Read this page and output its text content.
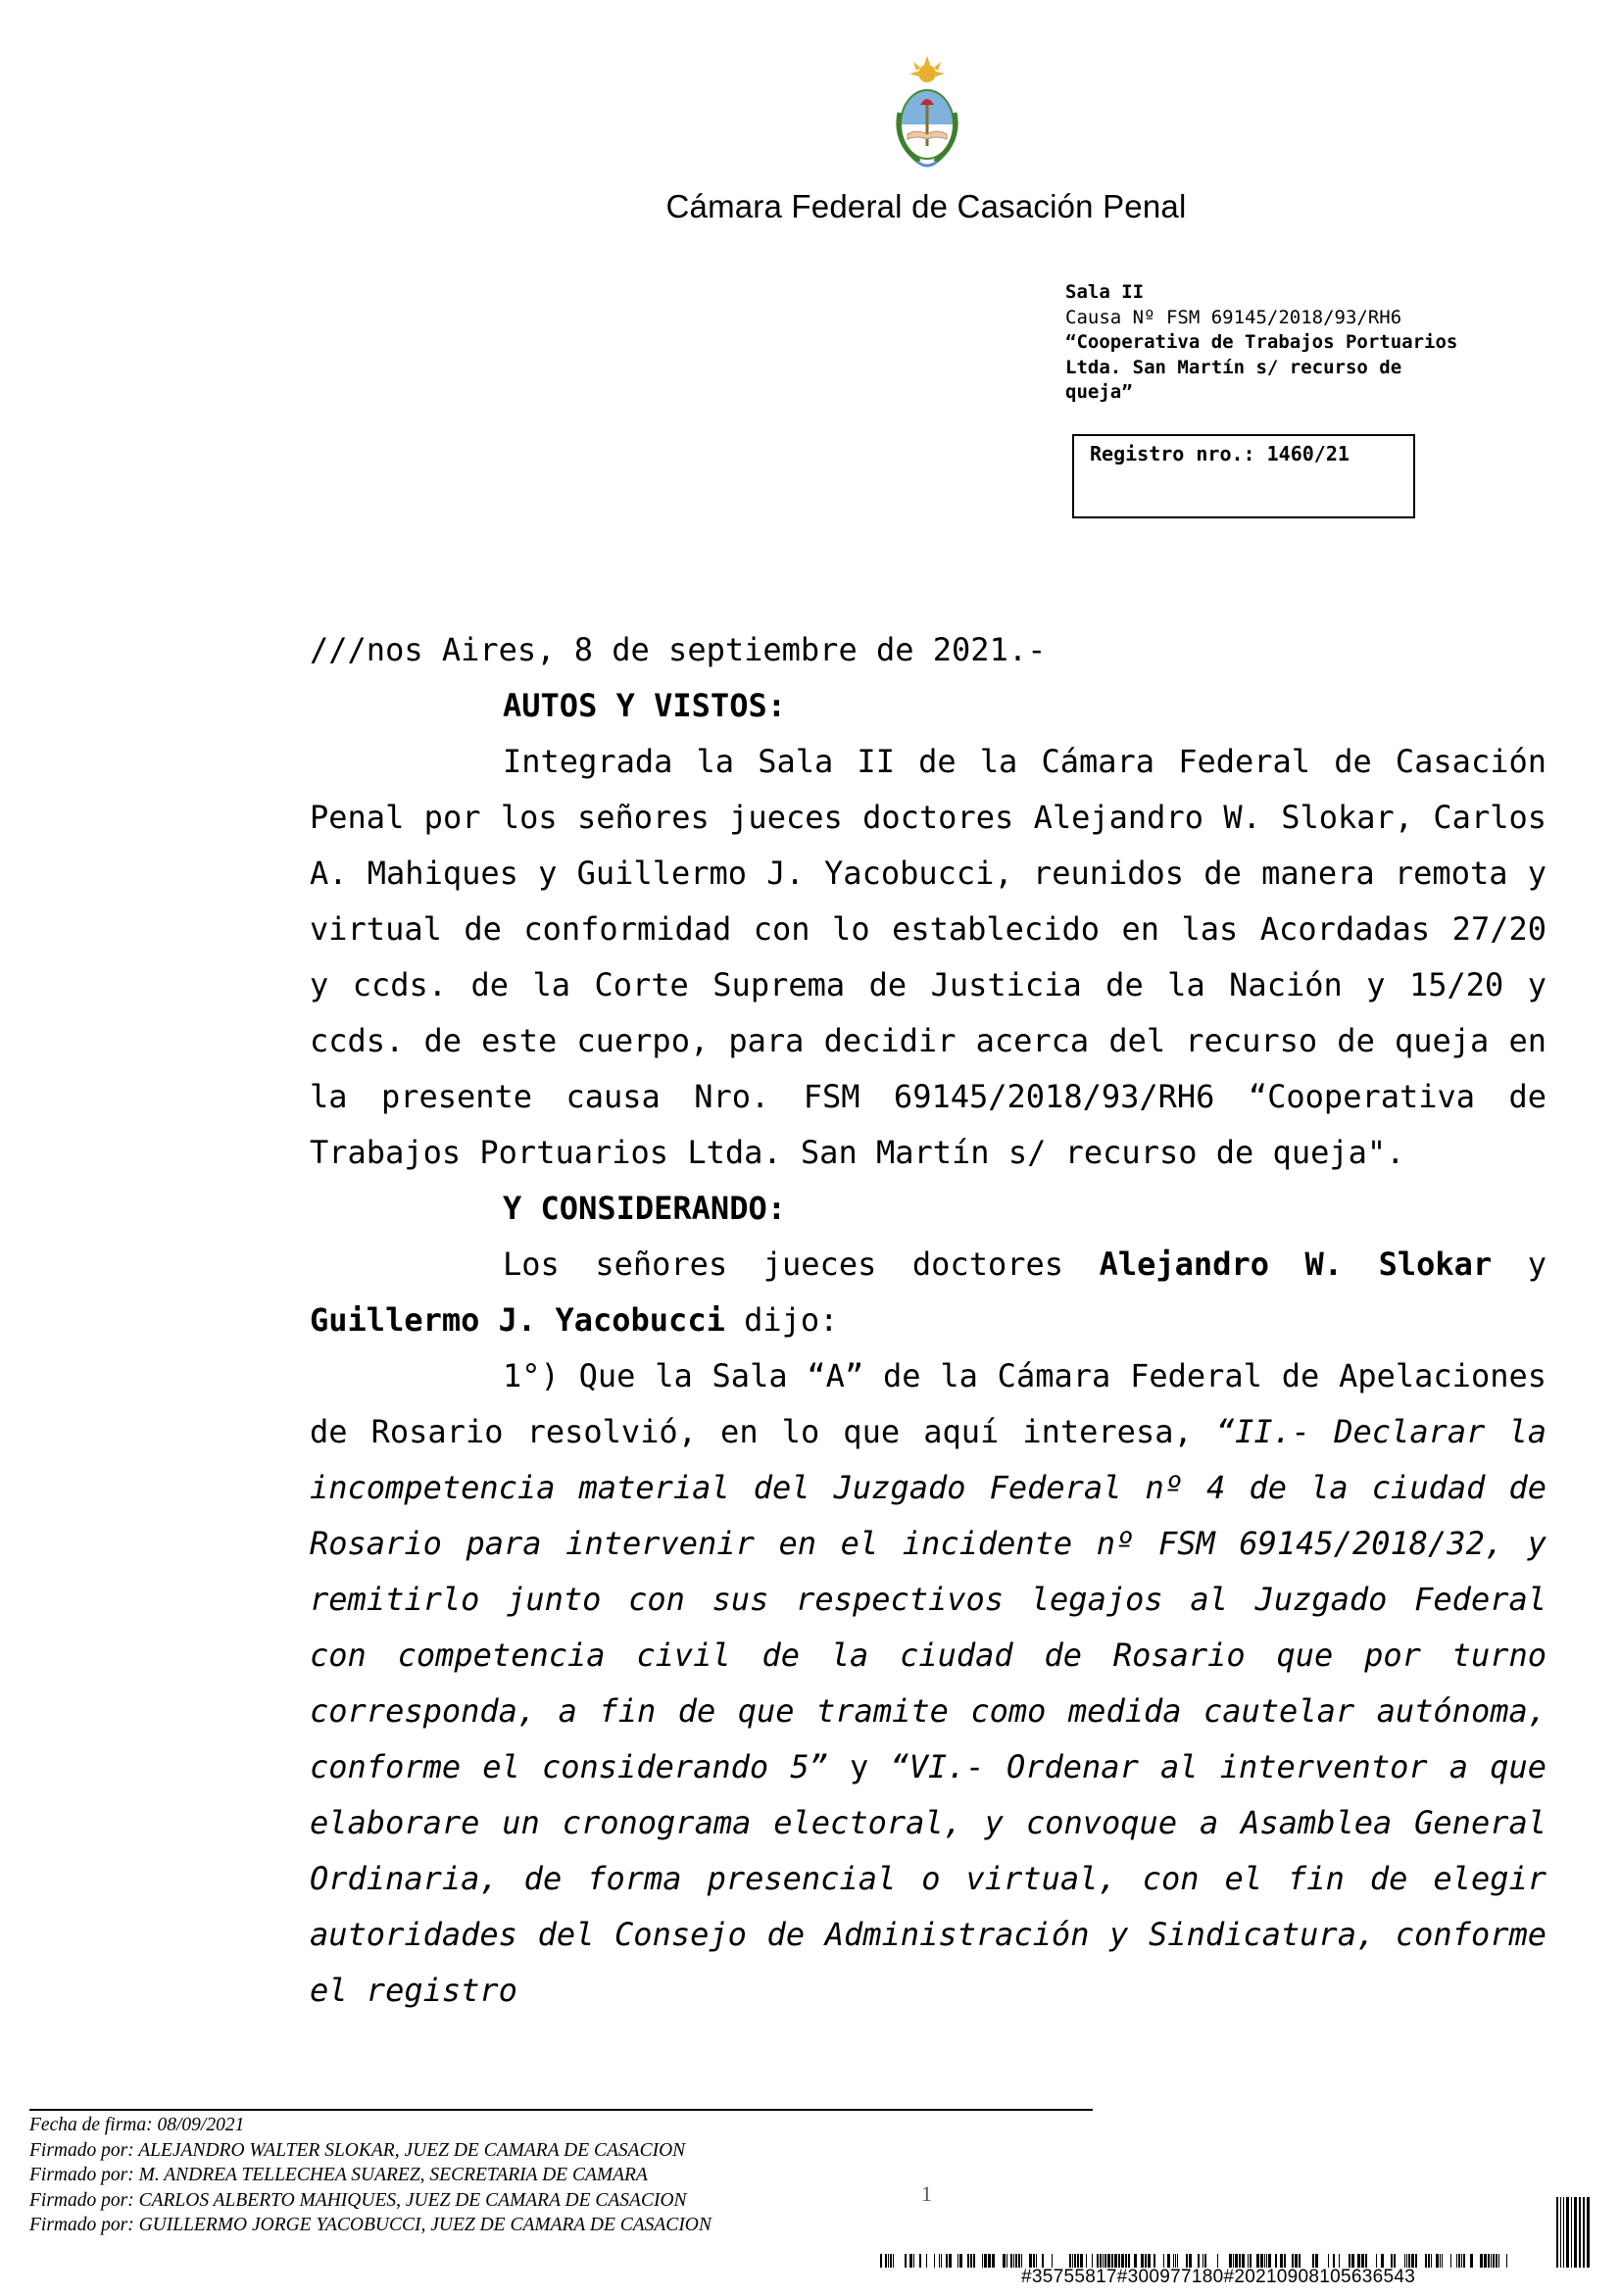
Cámara Federal de Casación Penal
Sala II
Causa Nº FSM 69145/2018/93/RH6
“Cooperativa de Trabajos Portuarios
Ltda. San Martín s/ recurso de
queja”
Registro nro.: 1460/21

///nos Aires, 8 de septiembre de 2021.-

AUTOS Y VISTOS:

Integrada la Sala II de la Cámara Federal de Casación Penal por los señores jueces doctores Alejandro W. Slokar, Carlos A. Mahiques y Guillermo J. Yacobucci, reunidos de manera remota y virtual de conformidad con lo establecido en las Acordadas 27/20 y ccds. de la Corte Suprema de Justicia de la Nación y 15/20 y ccds. de este cuerpo, para decidir acerca del recurso de queja en la presente causa Nro. FSM 69145/2018/93/RH6 “Cooperativa de Trabajos Portuarios Ltda. San Martín s/ recurso de queja".

Y CONSIDERANDO:

Los señores jueces doctores Alejandro W. Slokar y Guillermo J. Yacobucci dijo:

1°) Que la Sala “A” de la Cámara Federal de Apelaciones de Rosario resolvió, en lo que aquí interesa, “II.- Declarar la incompetencia material del Juzgado Federal nº 4 de la ciudad de Rosario para intervenir en el incidente nº FSM 69145/2018/32, y remitirlo junto con sus respectivos legajos al Juzgado Federal con competencia civil de la ciudad de Rosario que por turno corresponda, a fin de que tramite como medida cautelar autónoma, conforme el considerando 5” y “VI.- Ordenar al interventor a que elaborare un cronograma electoral, y convoque a Asamblea General Ordinaria, de forma presencial o virtual, con el fin de elegir autoridades del Consejo de Administración y Sindicatura, conforme el registro

Fecha de firma: 08/09/2021
Firmado por: ALEJANDRO WALTER SLOKAR, JUEZ DE CAMARA DE CASACION
Firmado por: M. ANDREA TELLECHEA SUAREZ, SECRETARIA DE CAMARA
Firmado por: CARLOS ALBERTO MAHIQUES, JUEZ DE CAMARA DE CASACION
Firmado por: GUILLERMO JORGE YACOBUCCI, JUEZ DE CAMARA DE CASACION
1
#35755817#300977180#20210908105636543
